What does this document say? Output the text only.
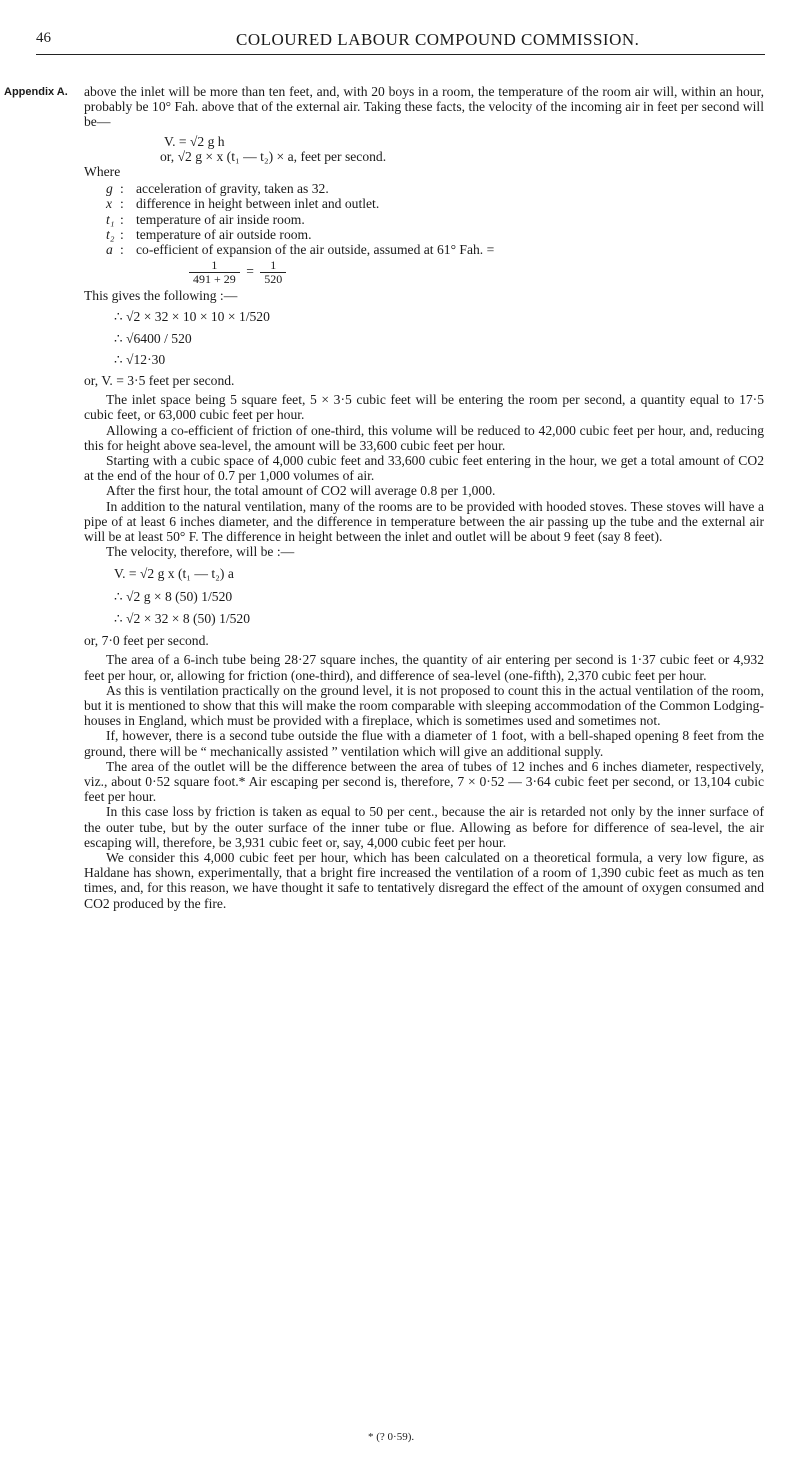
46	COLOURED LABOUR COMPOUND COMMISSION.
Appendix A. above the inlet will be more than ten feet, and, with 20 boys in a room, the temperature of the room air will, within an hour, probably be 10° Fah. above that of the external air. Taking these facts, the velocity of the incoming air in feet per second will be—

V. = √2 g h

or, √2 g × x (t₁ — t₂) × a, feet per second.

Where

g : acceleration of gravity, taken as 32.
x : difference in height between inlet and outlet.
t₁ : temperature of air inside room.
t₂ : temperature of air outside room.
a : co-efficient of expansion of the air outside, assumed at 61° Fah. =
$\frac{1}{491 + 29} = \frac{1}{520}$

This gives the following :—

∴ √2 × 32 × 10 × 10 × 1/520
∴ √6400 / 520
∴ √12·30

or, V. = 3·5 feet per second.

The inlet space being 5 square feet, 5 × 3·5 cubic feet will be entering the room per second, a quantity equal to 17·5 cubic feet, or 63,000 cubic feet per hour.

Allowing a co-efficient of friction of one-third, this volume will be reduced to 42,000 cubic feet per hour, and, reducing this for height above sea-level, the amount will be 33,600 cubic feet per hour.

Starting with a cubic space of 4,000 cubic feet and 33,600 cubic feet entering in the hour, we get a total amount of CO2 at the end of the hour of 0.7 per 1,000 volumes of air.

After the first hour, the total amount of CO2 will average 0.8 per 1,000.

In addition to the natural ventilation, many of the rooms are to be provided with hooded stoves. These stoves will have a pipe of at least 6 inches diameter, and the difference in temperature between the air passing up the tube and the external air will be at least 50° F. The difference in height between the inlet and outlet will be about 9 feet (say 8 feet).

The velocity, therefore, will be :—

V. = √2 g x (t₁ — t₂) a
∴ √2 g × 8 (50) 1/520
∴ √2 × 32 × 8 (50) 1/520

or, 7·0 feet per second.

The area of a 6-inch tube being 28·27 square inches, the quantity of air entering per second is 1·37 cubic feet or 4,932 feet per hour, or, allowing for friction (one-third), and difference of sea-level (one-fifth), 2,370 cubic feet per hour.

As this is ventilation practically on the ground level, it is not proposed to count this in the actual ventilation of the room, but it is mentioned to show that this will make the room comparable with sleeping accommodation of the Common Lodging-houses in England, which must be provided with a fireplace, which is sometimes used and sometimes not.

If, however, there is a second tube outside the flue with a diameter of 1 foot, with a bell-shaped opening 8 feet from the ground, there will be “ mechanically assisted ” ventilation which will give an additional supply.

The area of the outlet will be the difference between the area of tubes of 12 inches and 6 inches diameter, respectively, viz., about 0·52 square foot.* Air escaping per second is, therefore, 7 × 0·52 — 3·64 cubic feet per second, or 13,104 cubic feet per hour.

In this case loss by friction is taken as equal to 50 per cent., because the air is retarded not only by the inner surface of the outer tube, but by the outer surface of the inner tube or flue. Allowing as before for difference of sea-level, the air escaping will, therefore, be 3,931 cubic feet or, say, 4,000 cubic feet per hour.

We consider this 4,000 cubic feet per hour, which has been calculated on a theoretical formula, a very low figure, as Haldane has shown, experimentally, that a bright fire increased the ventilation of a room of 1,390 cubic feet as much as ten times, and, for this reason, we have thought it safe to tentatively disregard the effect of the amount of oxygen consumed and CO2 produced by the fire.

* (? 0·59).
